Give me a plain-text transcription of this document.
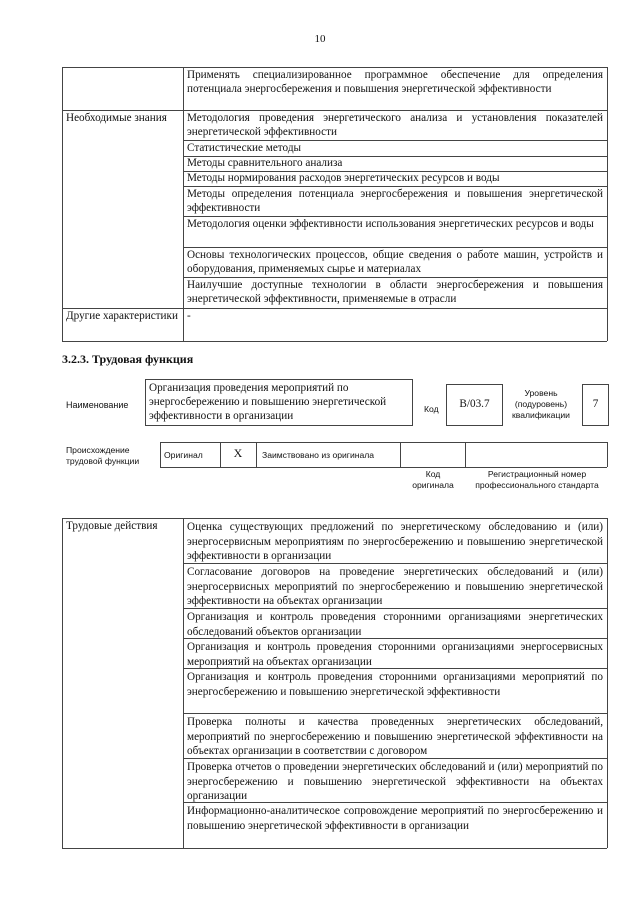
10
Применять специализированное программное обеспечение для определения потенциала энергосбережения и повышения энергетической эффективности
Необходимые знания	Методология проведения энергетического анализа и установления показателей энергетической эффективности
Статистические методы
Методы сравнительного анализа
Методы нормирования расходов энергетических ресурсов и воды
Методы определения потенциала энергосбережения и повышения энергетической эффективности
Методология оценки эффективности использования энергетических ресурсов и воды
Основы технологических процессов, общие сведения о работе машин, устройств и оборудования, применяемых сырье и материалах
Наилучшие доступные технологии в области энергосбережения и повышения энергетической эффективности, применяемые в отрасли
Другие характеристики -
3.2.3. Трудовая функция
Наименование
Организация проведения мероприятий по энергосбережению и повышению энергетической эффективности в организации
Код	B/03.7
Уровень (подуровень) квалификации
7
Происхождение трудовой функции
Оригинал	X	Заимствовано из оригинала
Код оригинала
Регистрационный номер профессионального стандарта
Трудовые действия	Оценка существующих предложений по энергетическому обследованию и (или) энергосервисным мероприятиям по энергосбережению и повышению энергетической эффективности в организации
Согласование договоров на проведение энергетических обследований и (или) энергосервисных мероприятий по энергосбережению и повышению энергетической эффективности на объектах организации
Организация и контроль проведения сторонними организациями энергетических обследований объектов организации
Организация и контроль проведения сторонними организациями энергосервисных мероприятий на объектах организации
Организация и контроль проведения сторонними организациями мероприятий по энергосбережению и повышению энергетической эффективности
Проверка полноты и качества проведенных энергетических обследований, мероприятий по энергосбережению и повышению энергетической эффективности на объектах организации в соответствии с договором
Проверка отчетов о проведении энергетических обследований и (или) мероприятий по энергосбережению и повышению энергетической эффективности на объектах организации
Информационно-аналитическое сопровождение мероприятий по энергосбережению и повышению энергетической эффективности в организации
